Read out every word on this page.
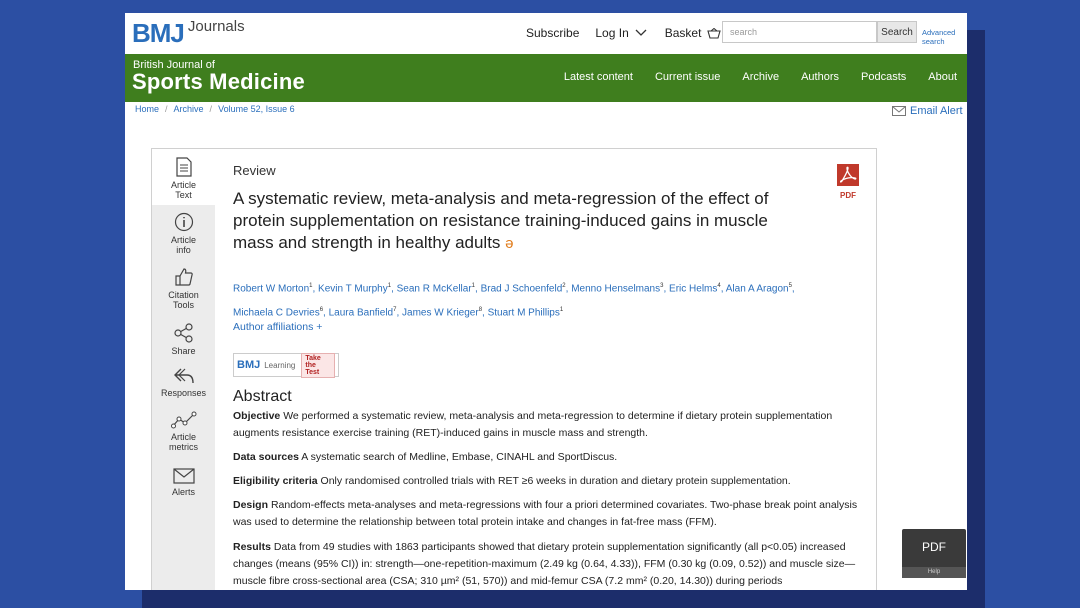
BMJ Journals	Subscribe Log In	Basket	search	Search	Advanced search
British Journal of
Sports Medicine	Latest content Current issue Archive Authors Podcasts About
Home / Archive / Volume 52, Issue 6	Email Alert
Article
Text
Article
info
Citation
Tools
Share
Responses
Article
metrics
Alerts
Review
PDF
A systematic review, meta-analysis and meta-regression of the effect of protein supplementation on resistance training-induced gains in muscle mass and strength in healthy adults ə
Robert W Morton$^1$, Kevin T Murphy$^1$, Sean R McKellar$^1$, Brad J Schoenfeld$^2$, Menno Henselmans$^3$, Eric Helms$^4$, Alan A Aragon$^5$, Michaela C Devries$^6$, Laura Banfield$^7$, James W Krieger$^8$, Stuart M Phillips$^1$
Author affiliations +
BMJ Learning
Take
the Test
Abstract
Objective We performed a systematic review, meta-analysis and meta-regression to determine if dietary protein supplementation augments resistance exercise training (RET)-induced gains in muscle mass and strength.
Data sources A systematic search of Medline, Embase, CINAHL and SportDiscus.
Eligibility criteria Only randomised controlled trials with RET ≥6 weeks in duration and dietary protein supplementation.
Design Random-effects meta-analyses and meta-regressions with four a priori determined covariates. Two-phase break point analysis was used to determine the relationship between total protein intake and changes in fat-free mass (FFM).
Results Data from 49 studies with 1863 participants showed that dietary protein supplementation significantly (all p<0.05) increased changes (means (95% CI)) in: strength—one-repetition-maximum (2.49 kg (0.64, 4.33)), FFM (0.30 kg (0.09, 0.52)) and muscle size—muscle fibre cross-sectional area (CSA; 310 µm² (51, 570)) and mid-femur CSA (7.2 mm² (0.20, 14.30)) during periods
PDF
Help
